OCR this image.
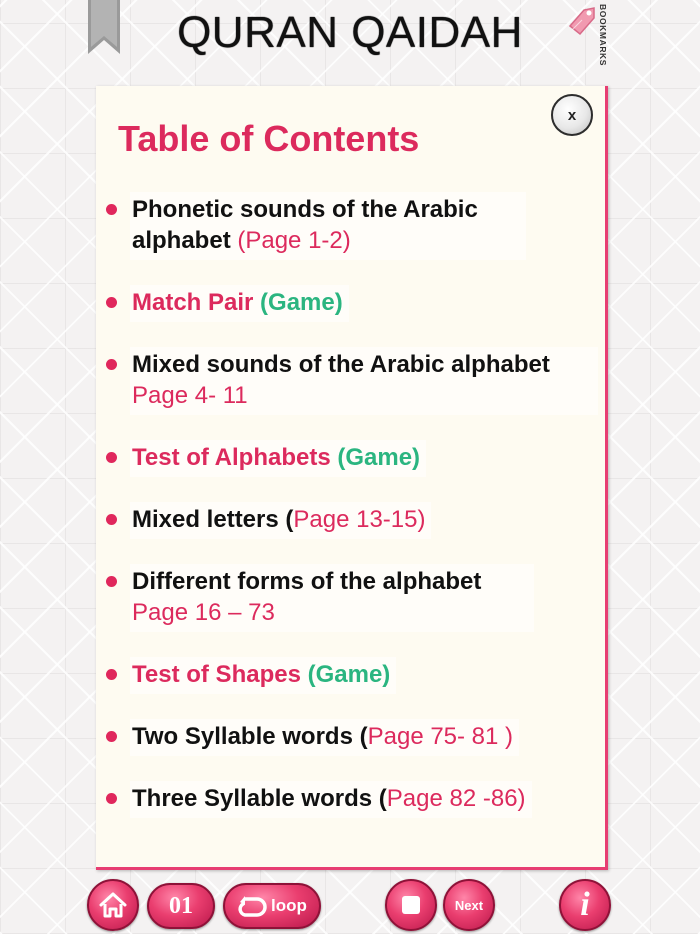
QURAN QAIDAH	BOOKMARKS
x
Table of Contents
Phonetic sounds of the Arabic alphabet (Page 1-2)
Match Pair (Game)
Mixed sounds of the Arabic alphabet
Page 4- 11
Test of Alphabets (Game)
Mixed letters (Page 13-15)
Different forms of the alphabet
Page 16 – 73
Test of Shapes (Game)
Two Syllable words (Page 75- 81 )
Three Syllable words (Page 82 -86)
01	loop	Next	i
